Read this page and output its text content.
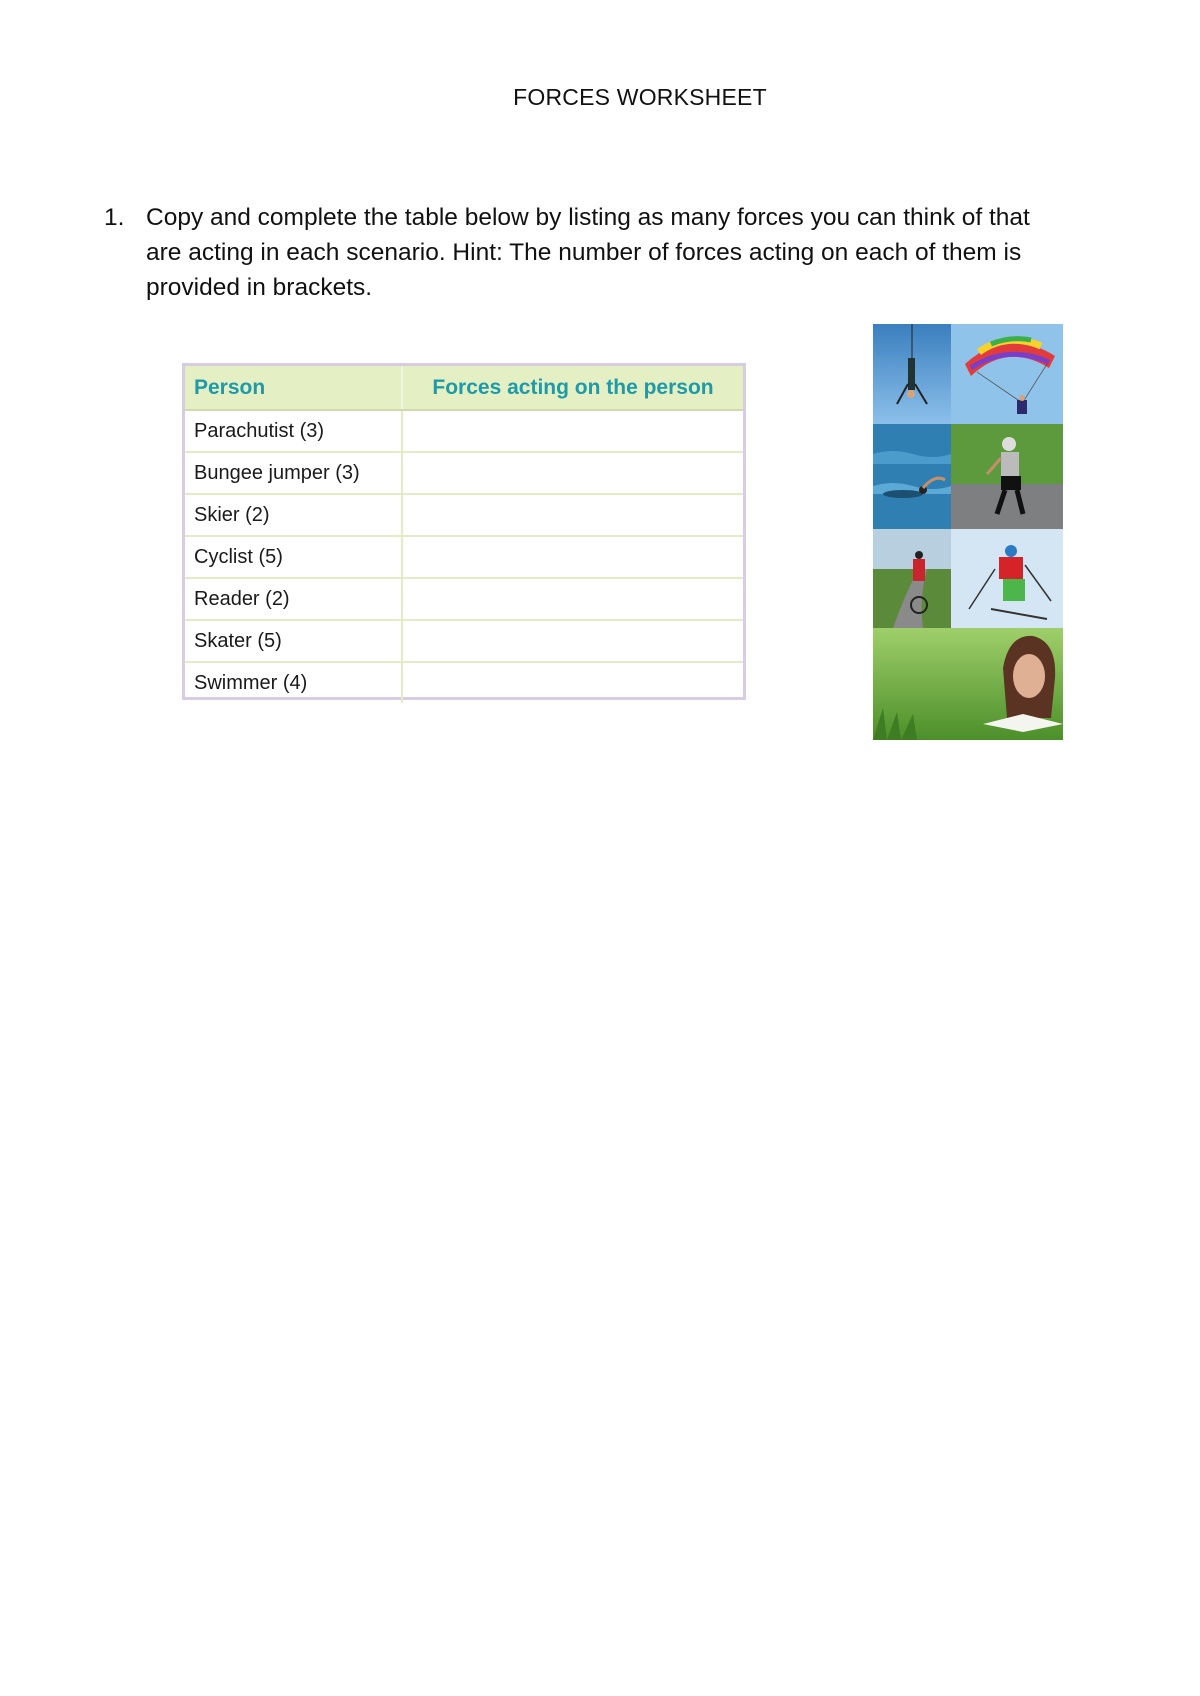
FORCES WORKSHEET
1. Copy and complete the table below by listing as many forces you can think of that are acting in each scenario. Hint: The number of forces acting on each of them is provided in brackets.
Person	Forces acting on the person
Parachutist (3)	
Bungee jumper (3)	
Skier (2)	
Cyclist (5)	
Reader (2)	
Skater (5)	
Swimmer (4)	
